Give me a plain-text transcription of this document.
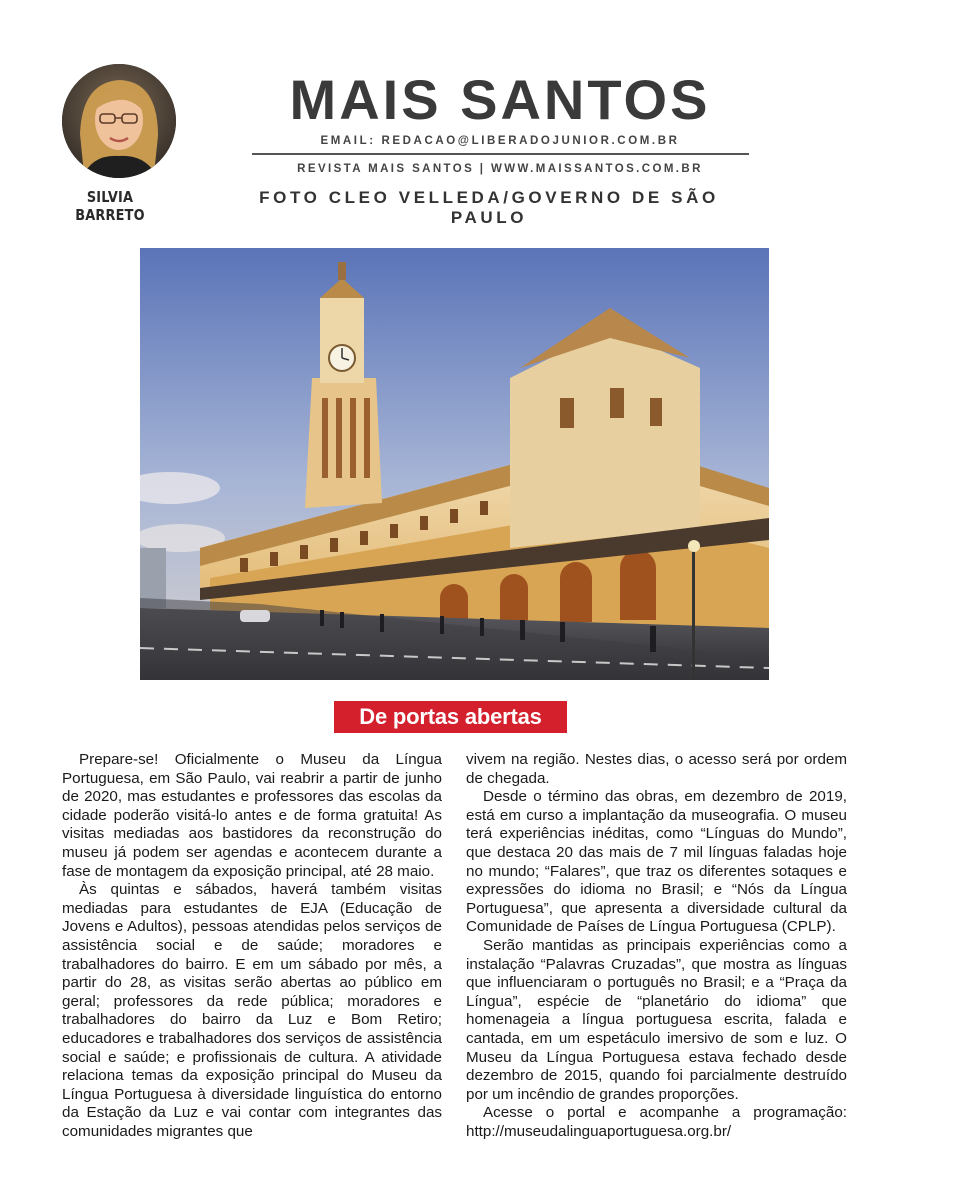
SILVIA BARRETO
MAIS SANTOS
EMAIL: REDACAO@LIBERADOJUNIOR.COM.BR
REVISTA MAIS SANTOS | WWW.MAISSANTOS.COM.BR
FOTO CLEO VELLEDA/GOVERNO DE SÃO PAULO
De portas abertas

Prepare-se! Oficialmente o Museu da Língua Portuguesa, em São Paulo, vai reabrir a partir de junho de 2020, mas estudantes e professores das escolas da cidade poderão visitá-lo antes e de forma gratuita! As visitas mediadas aos bastidores da reconstrução do museu já podem ser agendas e acontecem durante a fase de montagem da exposição principal, até 28 maio.

Às quintas e sábados, haverá também visitas mediadas para estudantes de EJA (Educação de Jovens e Adultos), pessoas atendidas pelos serviços de assistência social e de saúde; moradores e trabalhadores do bairro. E em um sábado por mês, a partir do 28, as visitas serão abertas ao público em geral; professores da rede pública; moradores e trabalhadores do bairro da Luz e Bom Retiro; educadores e trabalhadores dos serviços de assistência social e saúde; e profissionais de cultura. A atividade relaciona temas da exposição principal do Museu da Língua Portuguesa à diversidade linguística do entorno da Estação da Luz e vai contar com integrantes das comunidades migrantes que

vivem na região. Nestes dias, o acesso será por ordem de chegada.

Desde o término das obras, em dezembro de 2019, está em curso a implantação da museografia. O museu terá experiências inéditas, como “Línguas do Mundo”, que destaca 20 das mais de 7 mil línguas faladas hoje no mundo; “Falares”, que traz os diferentes sotaques e expressões do idioma no Brasil; e “Nós da Língua Portuguesa”, que apresenta a diversidade cultural da Comunidade de Países de Língua Portuguesa (CPLP).

Serão mantidas as principais experiências como a instalação “Palavras Cruzadas”, que mostra as línguas que influenciaram o português no Brasil; e a “Praça da Língua”, espécie de “planetário do idioma” que homenageia a língua portuguesa escrita, falada e cantada, em um espetáculo imersivo de som e luz. O Museu da Língua Portuguesa estava fechado desde dezembro de 2015, quando foi parcialmente destruído por um incêndio de grandes proporções.

Acesse o portal e acompanhe a programação: http://museudalinguaportuguesa.org.br/
